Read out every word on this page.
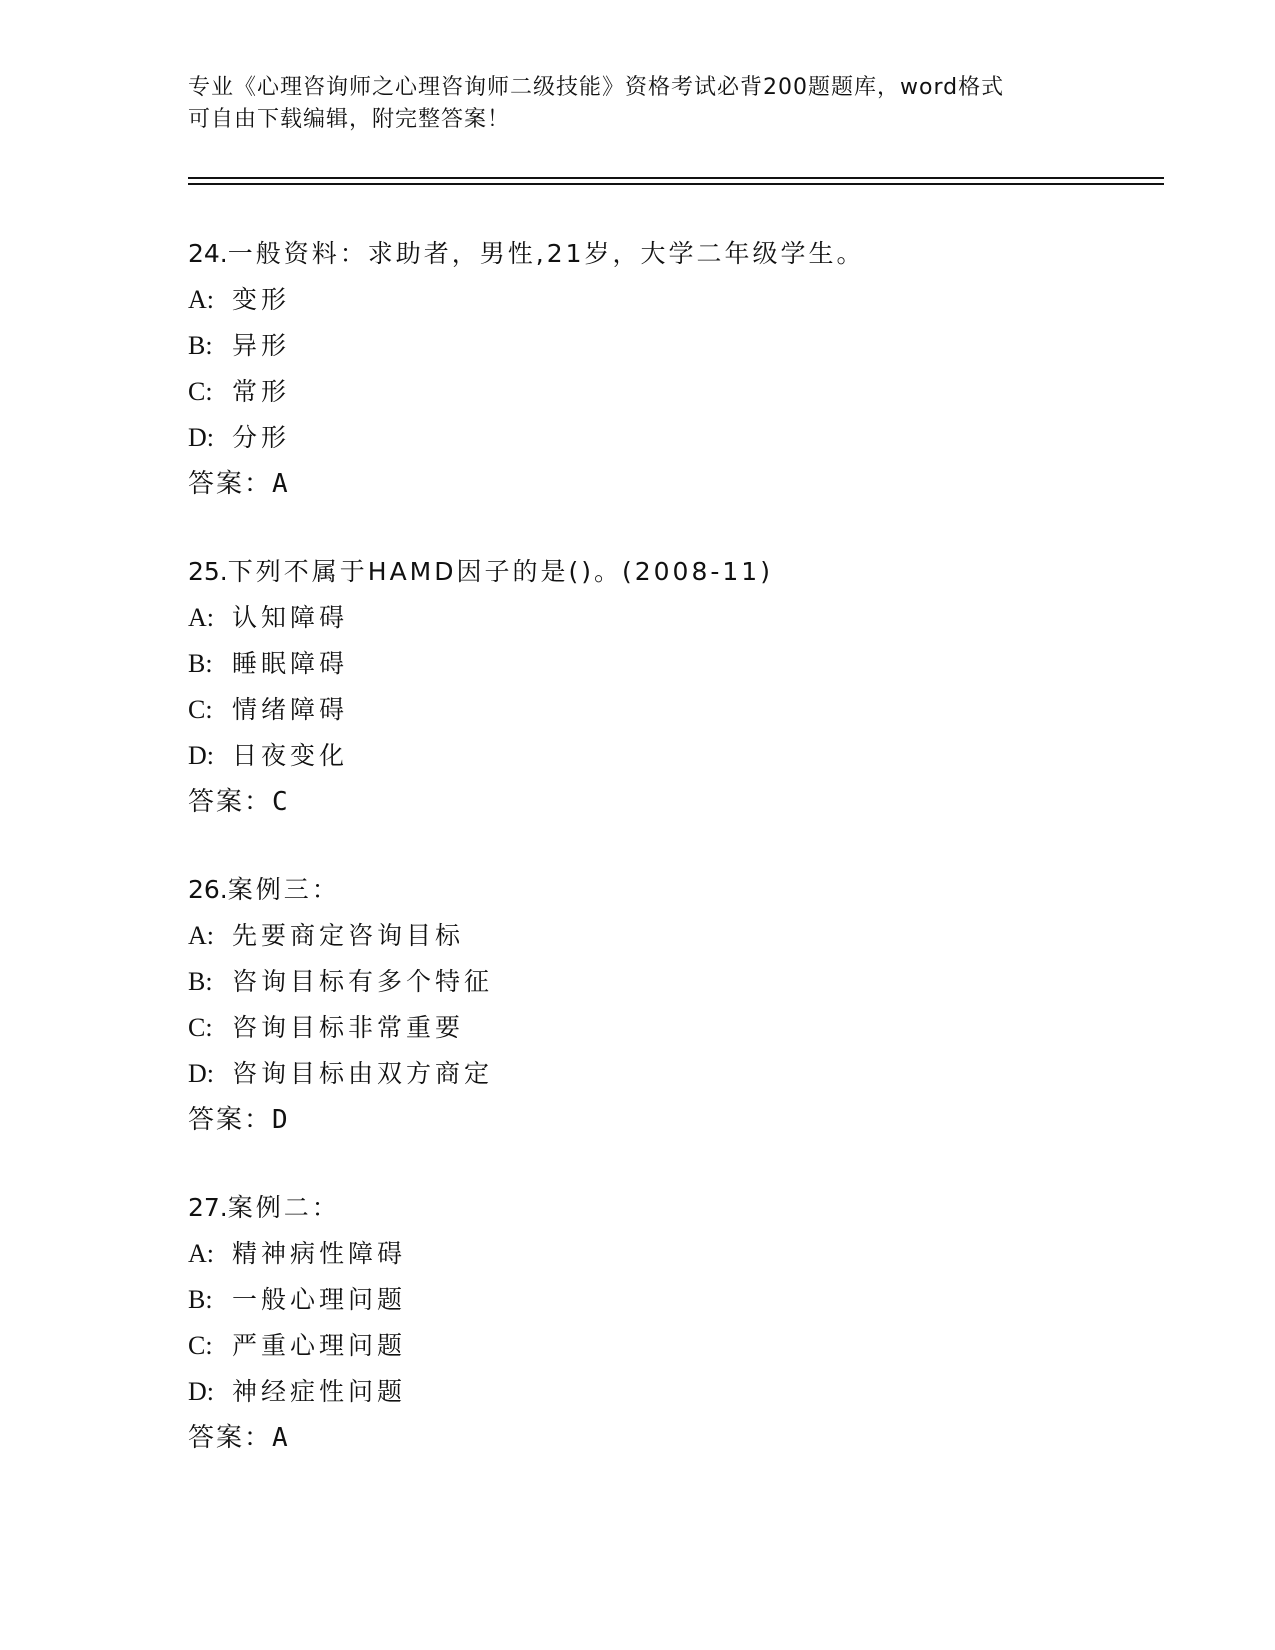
专业《心理咨询师之心理咨询师二级技能》资格考试必背200题题库，word格式
可自由下载编辑，附完整答案！
24.一般资料：求助者，男性,21岁，大学二年级学生。
A: 变形
B: 异形
C: 常形
D: 分形
答案：A
25.下列不属于HAMD因子的是()。(2008-11)
A: 认知障碍
B: 睡眠障碍
C: 情绪障碍
D: 日夜变化
答案：C
26.案例三：
A: 先要商定咨询目标
B: 咨询目标有多个特征
C: 咨询目标非常重要
D: 咨询目标由双方商定
答案：D
27.案例二：
A: 精神病性障碍
B: 一般心理问题
C: 严重心理问题
D: 神经症性问题
答案：A
